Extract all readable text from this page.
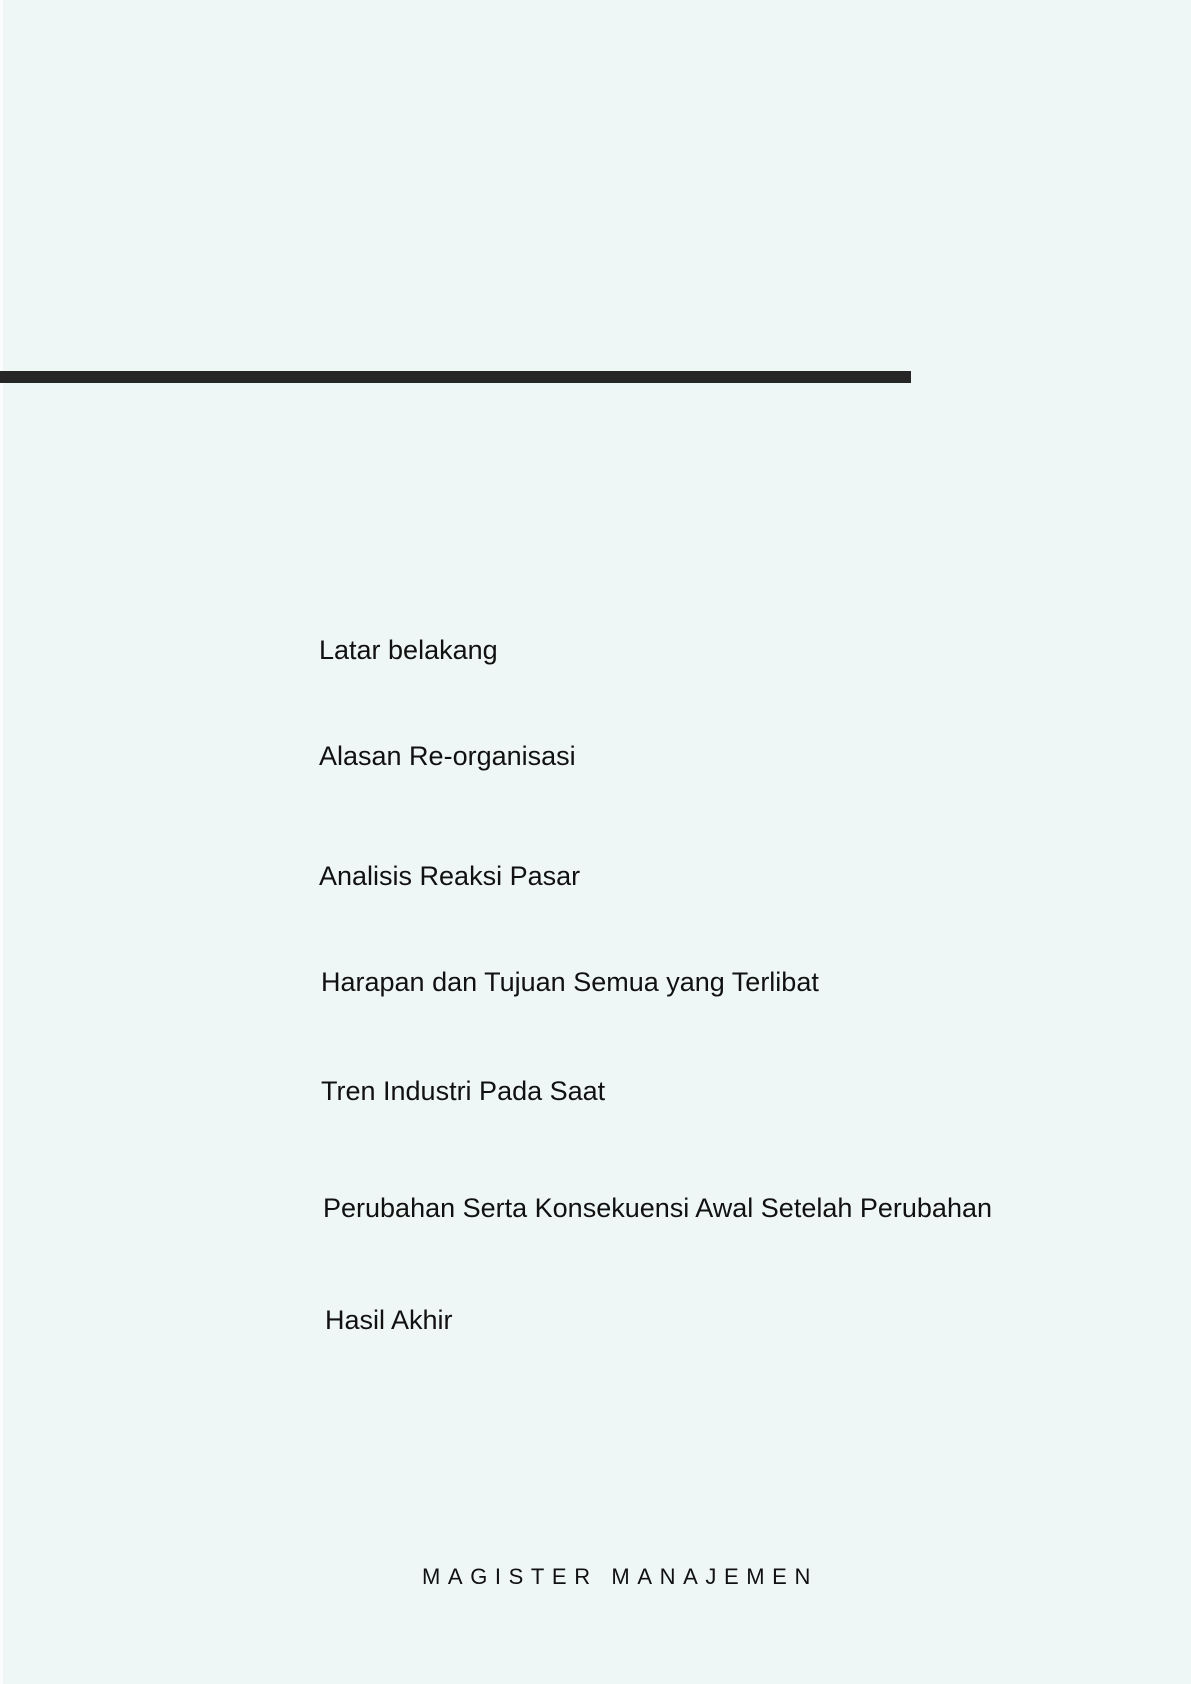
Latar belakang
Alasan Re-organisasi
Analisis Reaksi Pasar
Harapan dan Tujuan Semua yang Terlibat
Tren Industri Pada Saat
Perubahan Serta Konsekuensi Awal Setelah Perubahan
Hasil Akhir
MAGISTER MANAJEMEN
